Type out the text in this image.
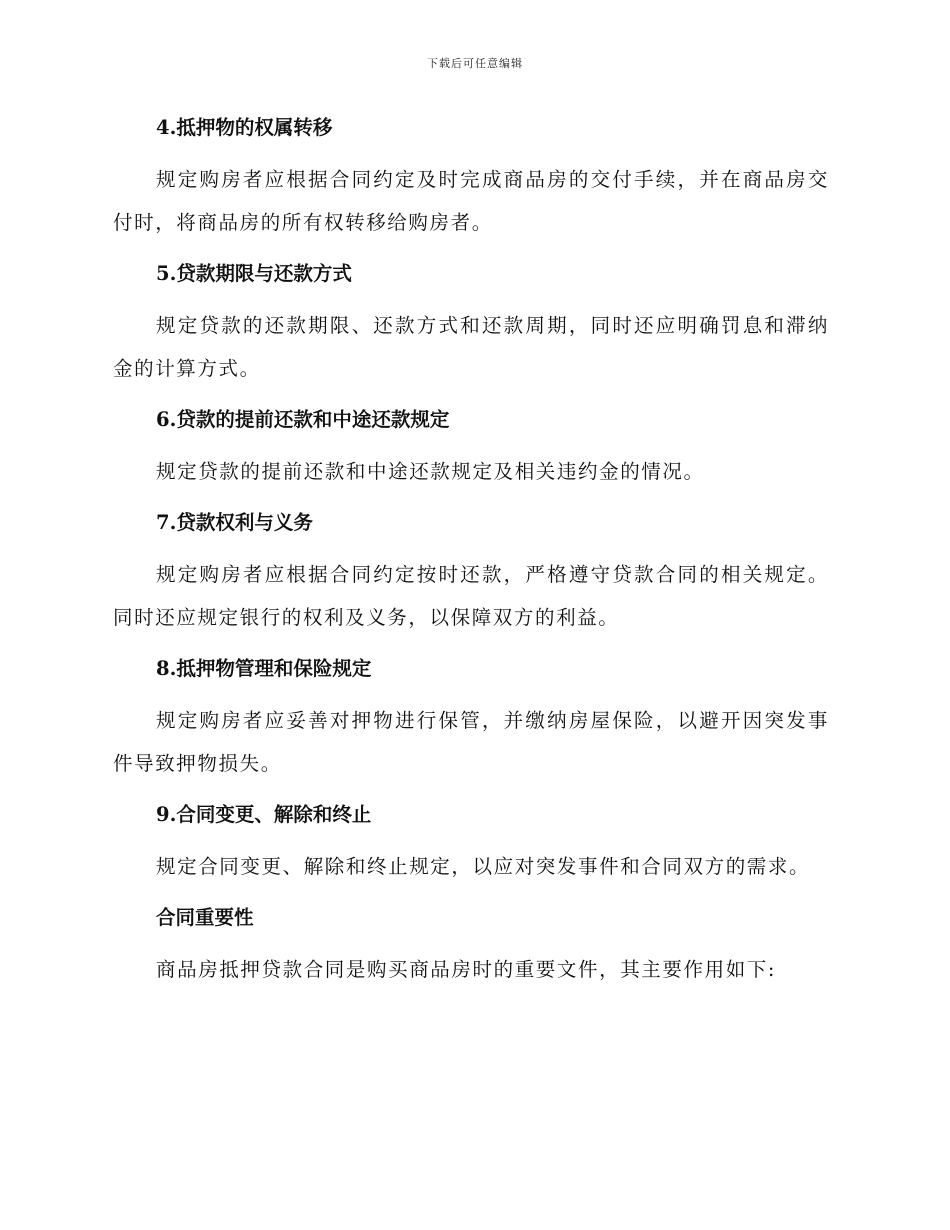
下载后可任意编辑
4.抵押物的权属转移

规定购房者应根据合同约定及时完成商品房的交付手续，并在商品房交付时，将商品房的所有权转移给购房者。

5.贷款期限与还款方式

规定贷款的还款期限、还款方式和还款周期，同时还应明确罚息和滞纳金的计算方式。

6.贷款的提前还款和中途还款规定

规定贷款的提前还款和中途还款规定及相关违约金的情况。

7.贷款权利与义务

规定购房者应根据合同约定按时还款，严格遵守贷款合同的相关规定。同时还应规定银行的权利及义务，以保障双方的利益。

8.抵押物管理和保险规定

规定购房者应妥善对押物进行保管，并缴纳房屋保险，以避开因突发事件导致押物损失。

9.合同变更、解除和终止

规定合同变更、解除和终止规定，以应对突发事件和合同双方的需求。

合同重要性

商品房抵押贷款合同是购买商品房时的重要文件，其主要作用如下:
